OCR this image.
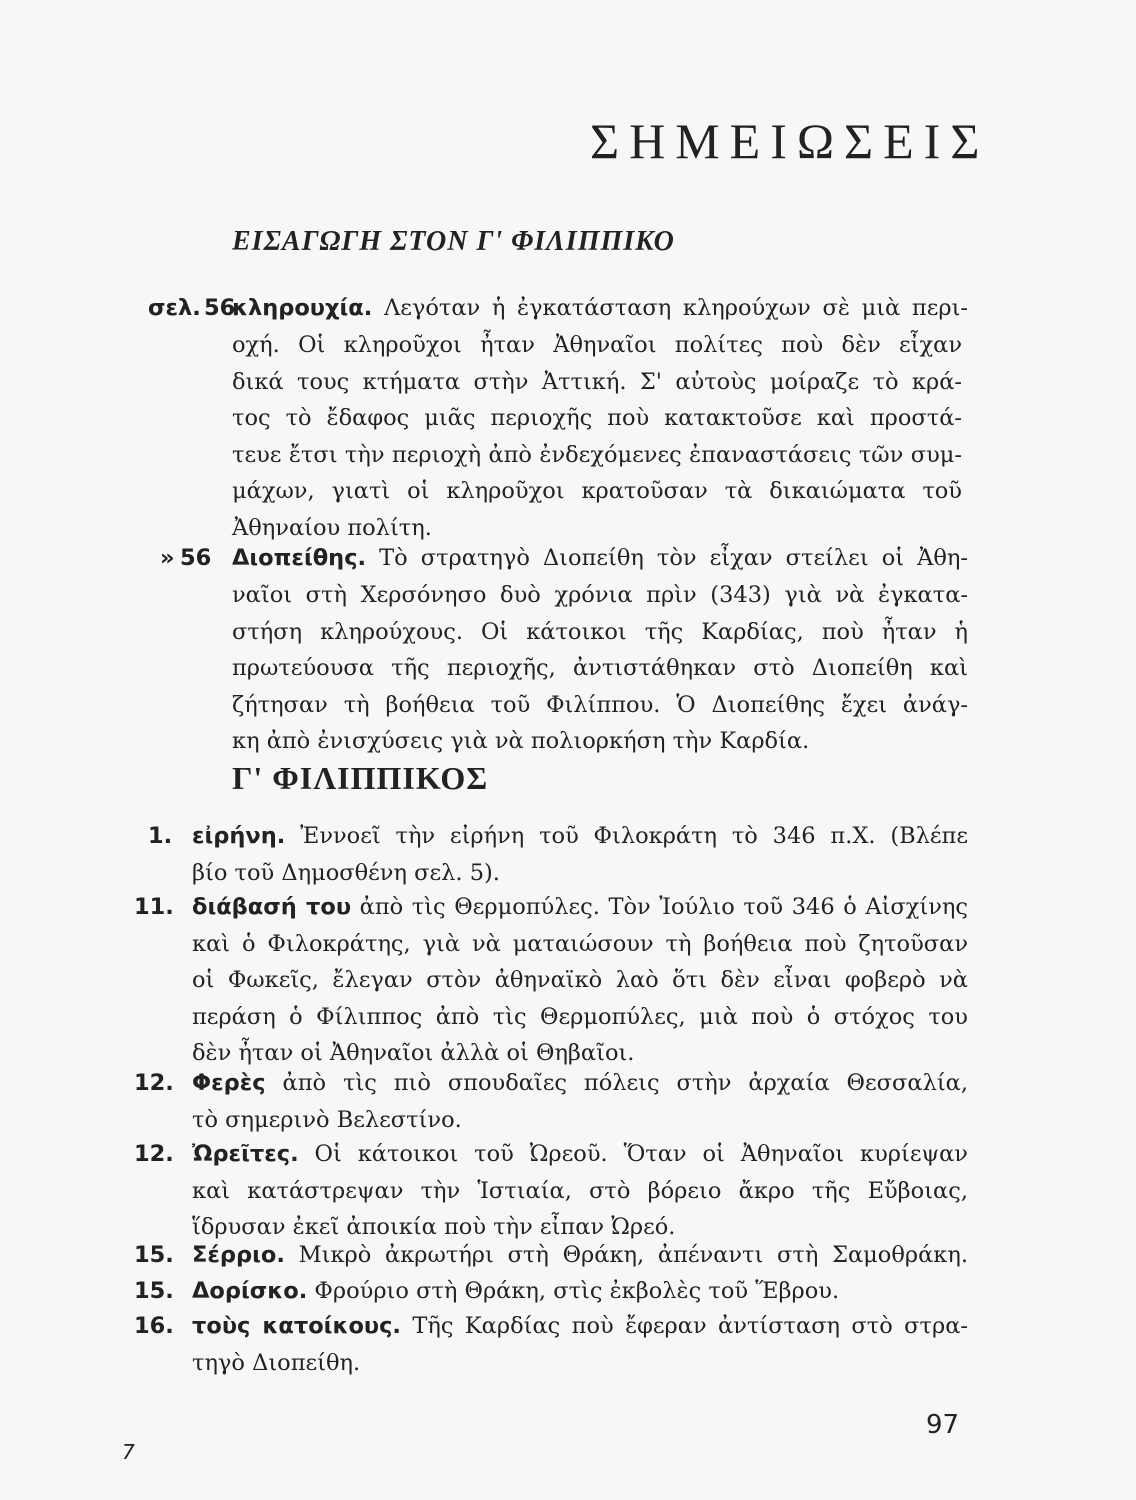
ΣΗΜΕΙΩΣΕΙΣ
ΕΙΣΑΓΩΓΗ ΣΤΟΝ Γ' ΦΙΛΙΠΠΙΚΟ
σελ. 56
κληρουχία. Λεγόταν ἡ ἐγκατάσταση κληρούχων σὲ μιὰ περι-
οχή. Οἱ κληροῦχοι ἦταν Ἀθηναῖοι πολίτες ποὺ δὲν εἶχαν
δικά τους κτήματα στὴν Ἀττική. Σ' αὐτοὺς μοίραζε τὸ κρά-
τος τὸ ἔδαφος μιᾶς περιοχῆς ποὺ κατακτοῦσε καὶ προστά-
τευε ἔτσι τὴν περιοχὴ ἀπὸ ἐνδεχόμενες ἐπαναστάσεις τῶν συμ-
μάχων, γιατὶ οἱ κληροῦχοι κρατοῦσαν τὰ δικαιώματα τοῦ
Ἀθηναίου πολίτη.
» 56 Διοπείθης. Τὸ στρατηγὸ Διοπείθη τὸν εἶχαν στείλει οἱ Ἀθη-
ναῖοι στὴ Χερσόνησο δυὸ χρόνια πρὶν (343) γιὰ νὰ ἐγκατα-
στήση κληρούχους. Οἱ κάτοικοι τῆς Καρδίας, ποὺ ἦταν ἡ
πρωτεύουσα τῆς περιοχῆς, ἀντιστάθηκαν στὸ Διοπείθη καὶ
ζήτησαν τὴ βοήθεια τοῦ Φιλίππου. Ὁ Διοπείθης ἔχει ἀνάγ-
κη ἀπὸ ἐνισχύσεις γιὰ νὰ πολιορκήση τὴν Καρδία.
Γ' ΦΙΛΙΠΠΙΚΟΣ
1. εἰρήνη. Ἐννοεῖ τὴν εἰρήνη τοῦ Φιλοκράτη τὸ 346 π.Χ. (Βλέπε
βίο τοῦ Δημοσθένη σελ. 5).
11. διάβασή του ἀπὸ τὶς Θερμοπύλες. Τὸν Ἰούλιο τοῦ 346 ὁ Αἰσχίνης
καὶ ὁ Φιλοκράτης, γιὰ νὰ ματαιώσουν τὴ βοήθεια ποὺ ζητοῦσαν
οἱ Φωκεῖς, ἔλεγαν στὸν ἀθηναϊκὸ λαὸ ὅτι δὲν εἶναι φοβερὸ νὰ
περάση ὁ Φίλιππος ἀπὸ τὶς Θερμοπύλες, μιὰ ποὺ ὁ στόχος του
δὲν ἦταν οἱ Ἀθηναῖοι ἀλλὰ οἱ Θηβαῖοι.
12. Φερὲς ἀπὸ τὶς πιὸ σπουδαῖες πόλεις στὴν ἀρχαία Θεσσαλία,
τὸ σημερινὸ Βελεστίνο.
12. Ὠρεῖτες. Οἱ κάτοικοι τοῦ Ὠρεοῦ. Ὅταν οἱ Ἀθηναῖοι κυρίεψαν
καὶ κατάστρεψαν τὴν Ἱστιαία, στὸ βόρειο ἄκρο τῆς Εὔβοιας,
ἵδρυσαν ἐκεῖ ἀποικία ποὺ τὴν εἶπαν Ὠρεό.
15. Σέρριο. Μικρὸ ἀκρωτήρι στὴ Θράκη, ἀπέναντι στὴ Σαμοθράκη.
15. Δορίσκο. Φρούριο στὴ Θράκη, στὶς ἐκβολὲς τοῦ Ἕβρου.
16. τοὺς κατοίκους. Τῆς Καρδίας ποὺ ἔφεραν ἀντίσταση στὸ στρα-
τηγὸ Διοπείθη.
97
7
